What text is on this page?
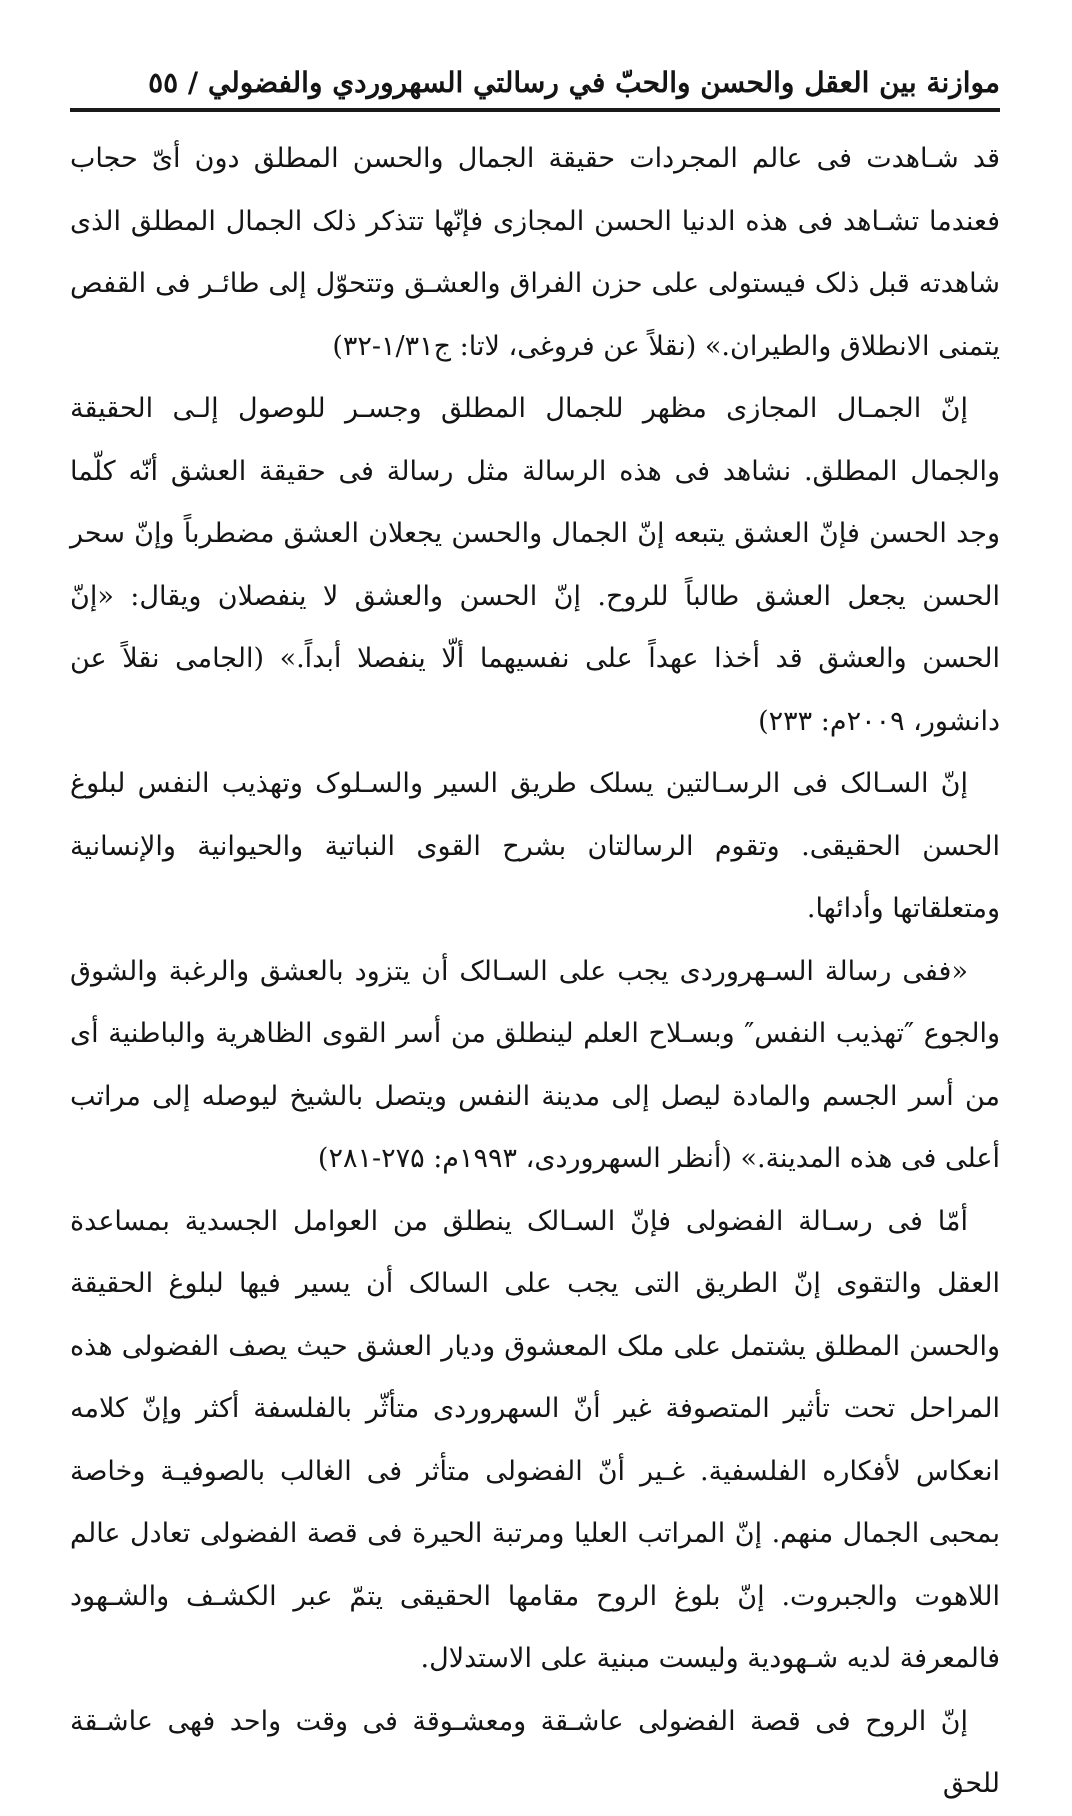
موازنة بين العقل والحسن والحبّ في رسالتي السهروردي والفضولي / ٥٥

قد شـاهدت فى عالم المجردات حقيقة الجمال والحسن المطلق دون أىّ حجاب فعندما تشـاهد فى هذه الدنيا الحسن المجازى فإنّها تتذكر ذلک الجمال المطلق الذى شاهدته قبل ذلک فيستولى على حزن الفراق والعشـق وتتحوّل إلى طائـر فى القفص يتمنى الانطلاق والطيران.» (نقلاً عن فروغى، لاتا: ج۱/۳۱-۳۲)

إنّ الجمـال المجازى مظهر للجمال المطلق وجسـر للوصول إلـى الحقيقة والجمال المطلق. نشاهد فى هذه الرسالة مثل رسالة فى حقيقة العشق أنّه كلّما وجد الحسن فإنّ العشق يتبعه إنّ الجمال والحسن يجعلان العشق مضطرباً وإنّ سحر الحسن يجعل العشق طالباً للروح. إنّ الحسن والعشق لا ينفصلان ويقال: «إنّ الحسن والعشق قد أخذا عهداً على نفسيهما ألّا ينفصلا أبداً.» (الجامى نقلاً عن دانشور، ۲۰۰۹م: ۲۳۳)

إنّ السـالک فى الرسـالتين يسلک طريق السير والسـلوک وتهذيب النفس لبلوغ الحسن الحقيقى. وتقوم الرسالتان بشرح القوى النباتية والحيوانية والإنسانية ومتعلقاتها وأدائها.

«ففى رسالة السـهروردى يجب على السـالک أن يتزود بالعشق والرغبة والشوق والجوع ″تهذيب النفس″ وبسـلاح العلم لينطلق من أسر القوى الظاهرية والباطنية أى من أسر الجسم والمادة ليصل إلى مدينة النفس ويتصل بالشيخ ليوصله إلى مراتب أعلى فى هذه المدينة.» (أنظر السهروردى، ۱۹۹۳م: ۲۷۵-۲۸۱)

أمّا فى رسـالة الفضولى فإنّ السـالک ينطلق من العوامل الجسدية بمساعدة العقل والتقوى إنّ الطريق التى يجب على السالک أن يسير فيها لبلوغ الحقيقة والحسن المطلق يشتمل على ملک المعشوق وديار العشق حيث يصف الفضولى هذه المراحل تحت تأثير المتصوفة غير أنّ السهروردى متأثّر بالفلسفة أكثر وإنّ كلامه انعكاس لأفكاره الفلسفية. غـير أنّ الفضولى متأثر فى الغالب بالصوفيـة وخاصة بمحبى الجمال منهم. إنّ المراتب العليا ومرتبة الحيرة فى قصة الفضولى تعادل عالم اللاهوت والجبروت. إنّ بلوغ الروح مقامها الحقيقى يتمّ عبر الكشـف والشـهود فالمعرفة لديه شـهودية وليست مبنية على الاستدلال.

إنّ الروح فى قصة الفضولى عاشـقة ومعشـوقة فى وقت واحد فهى عاشـقة للحق
